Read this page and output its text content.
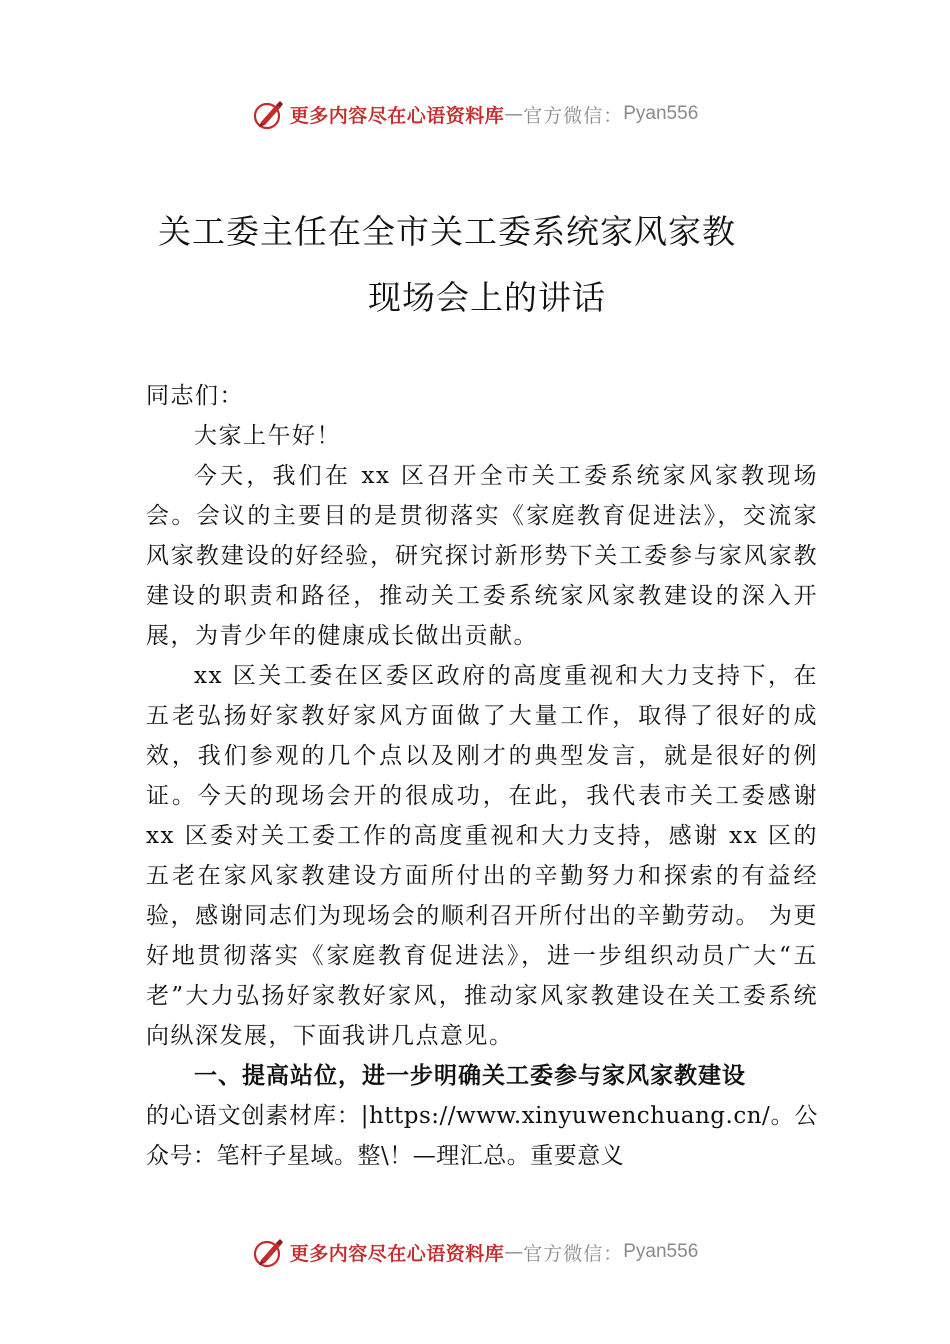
更多内容尽在心语资料库 — 官方微信： Pyan556
关工委主任在全市关工委系统家风家教
现场会上的讲话

同志们：

大家上午好！

今天，我们在 xx 区召开全市关工委系统家风家教现场会。会议的主要目的是贯彻落实《家庭教育促进法》，交流家风家教建设的好经验，研究探讨新形势下关工委参与家风家教建设的职责和路径，推动关工委系统家风家教建设的深入开展，为青少年的健康成长做出贡献。

xx 区关工委在区委区政府的高度重视和大力支持下，在五老弘扬好家教好家风方面做了大量工作，取得了很好的成效，我们参观的几个点以及刚才的典型发言，就是很好的例证。今天的现场会开的很成功，在此，我代表市关工委感谢 xx 区委对关工委工作的高度重视和大力支持，感谢 xx 区的五老在家风家教建设方面所付出的辛勤努力和探索的有益经验，感谢同志们为现场会的顺利召开所付出的辛勤劳动。 为更好地贯彻落实《家庭教育促进法》，进一步组织动员广大“五老”大力弘扬好家教好家风，推动家风家教建设在关工委系统向纵深发展，下面我讲几点意见。

一、提高站位，进一步明确关工委参与家风家教建设

的心语文创素材库：|https://www.xinyuwenchuang.cn/。公众号：笔杆子星域。整\！—理汇总。重要意义

更多内容尽在心语资料库 — 官方微信： Pyan556
